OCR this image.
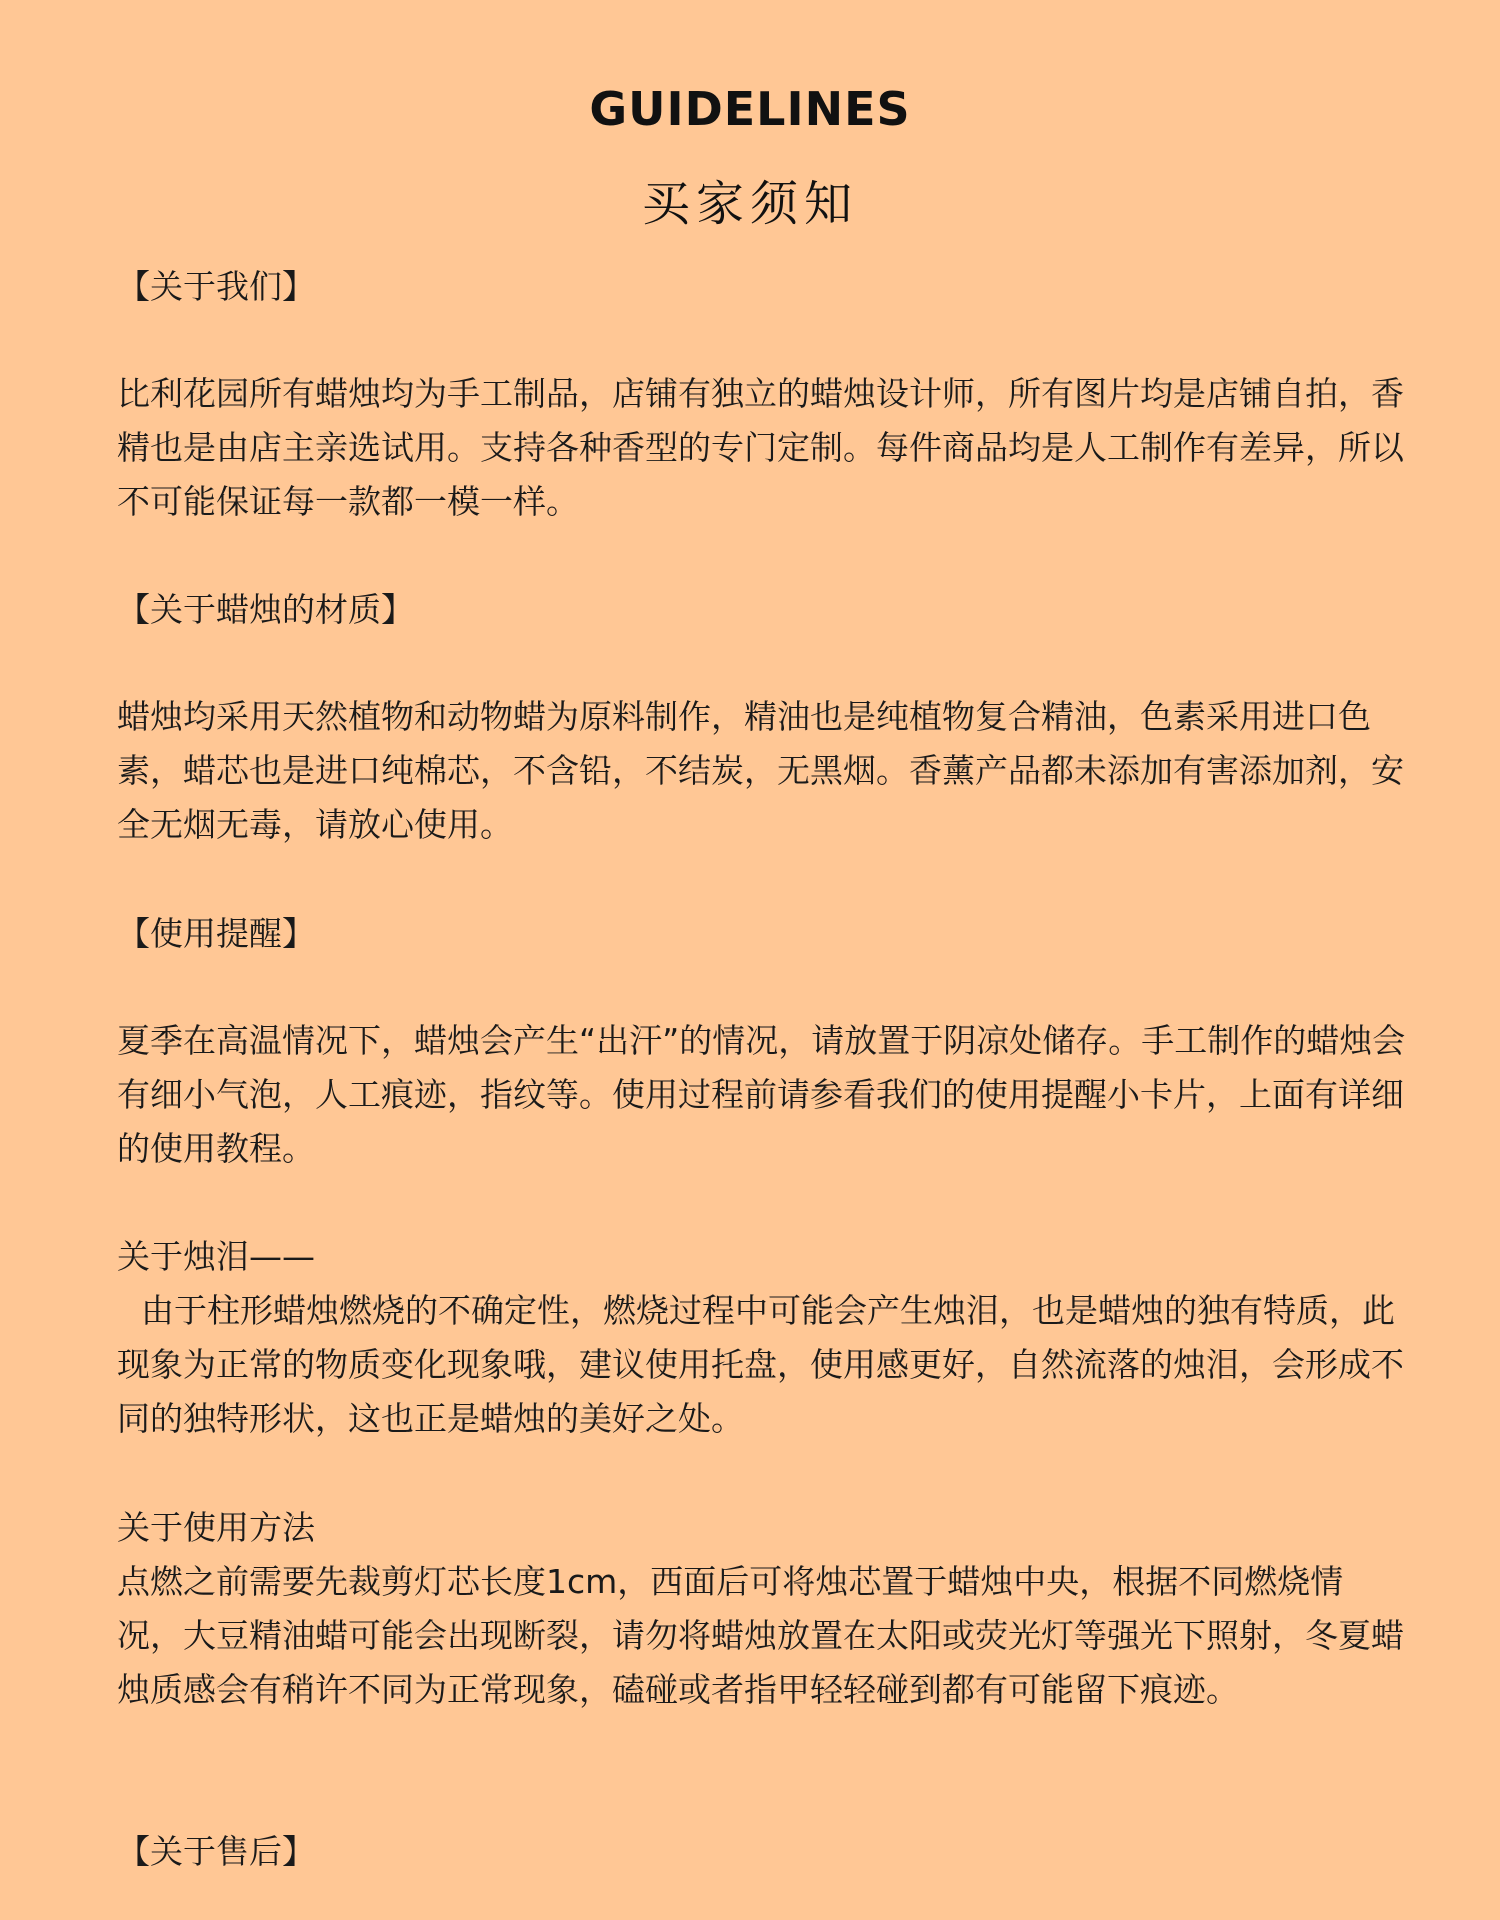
GUIDELINES
买家须知
【关于我们】

比利花园所有蜡烛均为手工制品，店铺有独立的蜡烛设计师，所有图片均是店铺自拍，香精也是由店主亲选试用。支持各种香型的专门定制。每件商品均是人工制作有差异，所以不可能保证每一款都一模一样。

【关于蜡烛的材质】

蜡烛均采用天然植物和动物蜡为原料制作，精油也是纯植物复合精油，色素采用进口色素，蜡芯也是进口纯棉芯，不含铅，不结炭，无黑烟。香薰产品都未添加有害添加剂，安全无烟无毒，请放心使用。

【使用提醒】

夏季在高温情况下，蜡烛会产生“出汗”的情况，请放置于阴凉处储存。手工制作的蜡烛会有细小气泡，人工痕迹，指纹等。使用过程前请参看我们的使用提醒小卡片，上面有详细的使用教程。

关于烛泪——

由于柱形蜡烛燃烧的不确定性，燃烧过程中可能会产生烛泪，也是蜡烛的独有特质，此现象为正常的物质变化现象哦，建议使用托盘，使用感更好，自然流落的烛泪，会形成不同的独特形状，这也正是蜡烛的美好之处。

关于使用方法

点燃之前需要先裁剪灯芯长度1cm，西面后可将烛芯置于蜡烛中央，根据不同燃烧情况，大豆精油蜡可能会出现断裂，请勿将蜡烛放置在太阳或荧光灯等强光下照射，冬夏蜡烛质感会有稍许不同为正常现象，磕碰或者指甲轻轻碰到都有可能留下痕迹。

【关于售后】
